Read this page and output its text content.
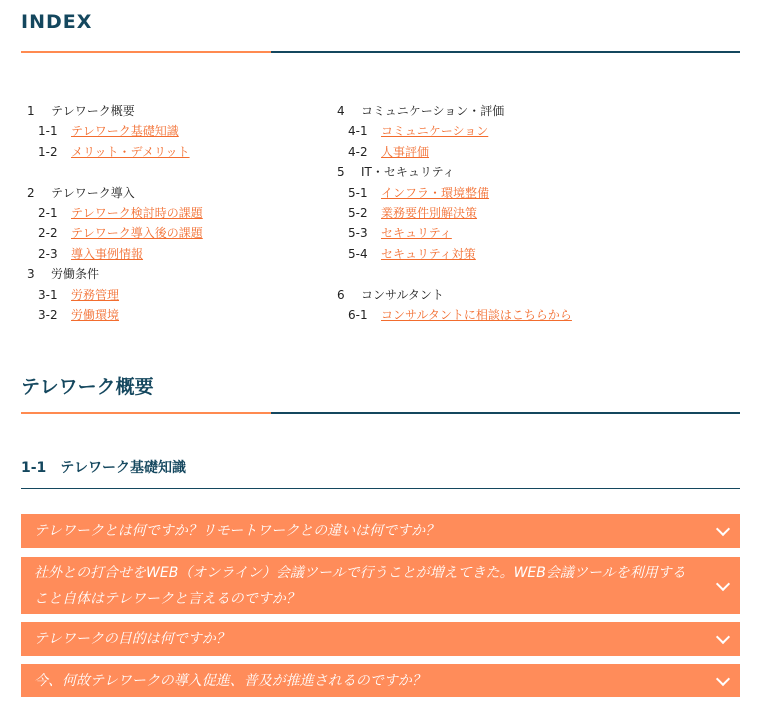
INDEX
1 テレワーク概要
1-1 テレワーク基礎知識
1-2 メリット・デメリット
2 テレワーク導入
2-1 テレワーク検討時の課題
2-2 テレワーク導入後の課題
2-3 導入事例情報
3 労働条件
3-1 労務管理
3-2 労働環境
4 コミュニケーション・評価
4-1 コミュニケーション
4-2 人事評価
5 IT・セキュリティ
5-1 インフラ・環境整備
5-2 業務要件別解決策
5-3 セキュリティ
5-4 セキュリティ対策
6 コンサルタント
6-1 コンサルタントに相談はこちらから
テレワーク概要
1-1　テレワーク基礎知識
テレワークとは何ですか？リモートワークとの違いは何ですか？
社外との打合せをWEB（オンライン）会議ツールで行うことが増えてきた。WEB会議ツールを利用すること自体はテレワークと言えるのですか？
テレワークの目的は何ですか？
今、何故テレワークの導入促進、普及が推進されるのですか？
